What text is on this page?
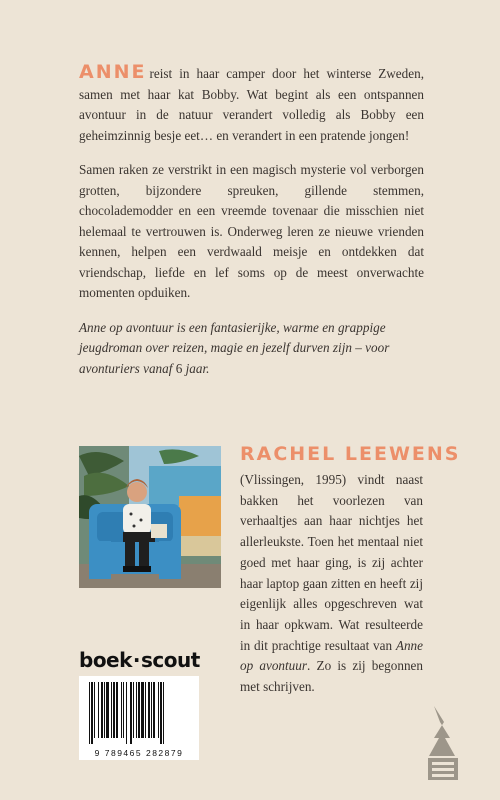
ANNE reist in haar camper door het winterse Zweden, samen met haar kat Bobby. Wat begint als een ontspannen avontuur in de natuur verandert volledig als Bobby een geheimzinnig besje eet… en verandert in een pratende jongen!

Samen raken ze verstrikt in een magisch mysterie vol verborgen grotten, bijzondere spreuken, gillende stemmen, chocolademodder en een vreemde tovenaar die misschien niet helemaal te vertrouwen is. Onderweg leren ze nieuwe vrienden kennen, helpen een verdwaald meisje en ontdekken dat vriendschap, liefde en lef soms op de meest onverwachte momenten opduiken.

Anne op avontuur is een fantasierijke, warme en grappige jeugdroman over reizen, magie en jezelf durven zijn – voor avonturiers vanaf 6 jaar.

RACHEL LEEWENS
(Vlissingen, 1995) vindt naast bakken het voorlezen van verhaaltjes aan haar nichtjes het allerleukste. Toen het mentaal niet goed met haar ging, is zij achter haar laptop gaan zitten en heeft zij eigenlijk alles opgeschreven wat in haar opkwam. Wat resulteerde in dit prachtige resultaat van Anne op avontuur. Zo is zij begonnen met schrijven.
boek·scout
9 789465 282879
